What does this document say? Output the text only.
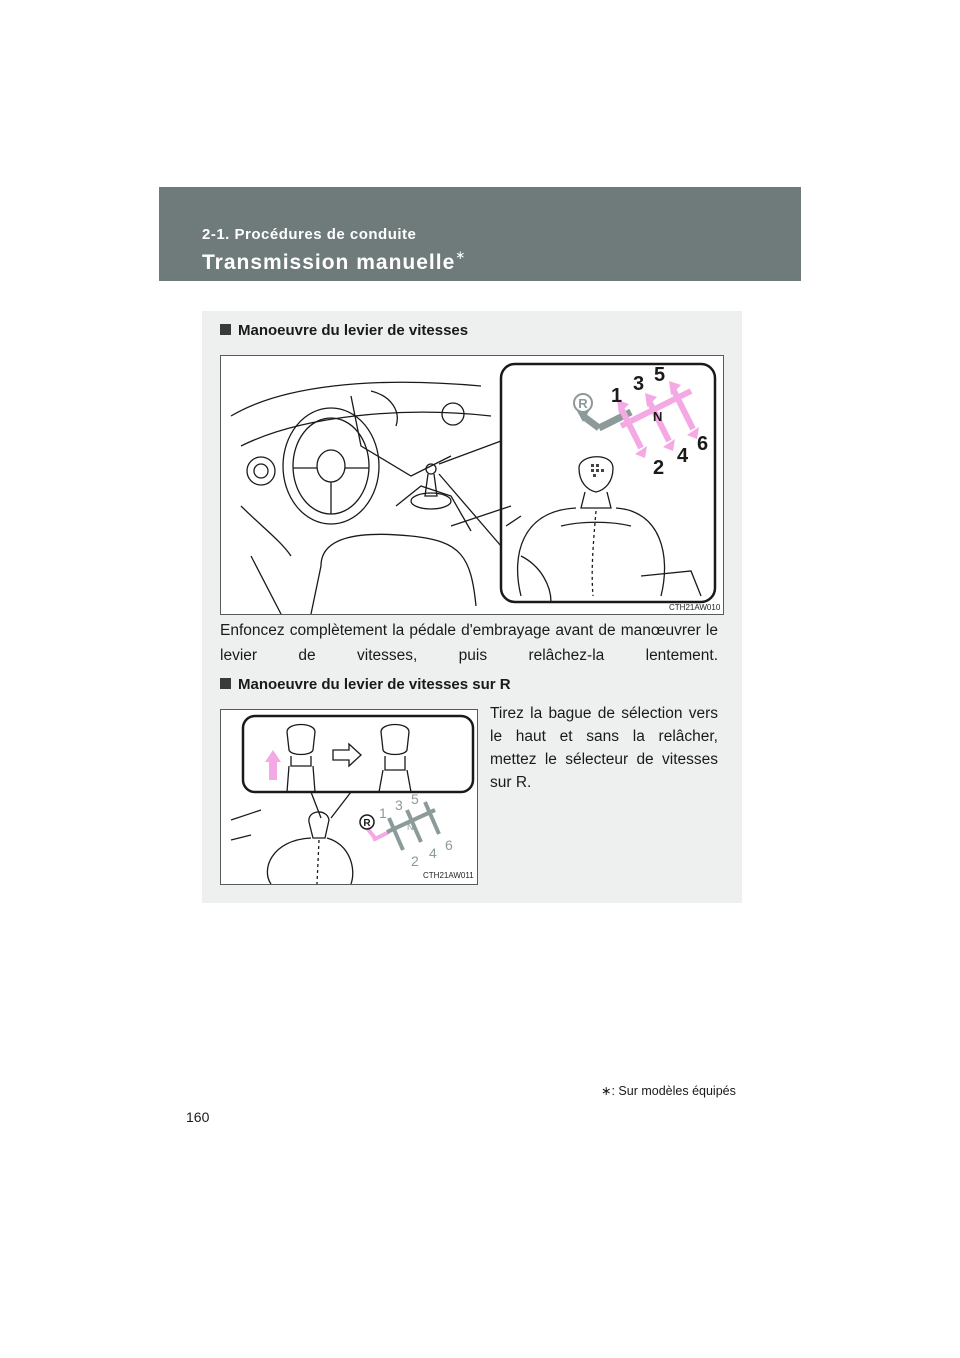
2-1. Procédures de conduite
Transmission manuelle∗
Manoeuvre du levier de vitesses
R 1
3 5
N
2
4
6
CTH21AW010
Enfoncez complètement la pédale d'embrayage avant de manœuvrer le levier de vitesses, puis relâchez-la lentement.
Manoeuvre du levier de vitesses sur R
R
1 3 5
N
2 4 6
CTH21AW011
Tirez la bague de sélection vers le haut et sans la relâcher, mettez le sélecteur de vitesses sur R.
∗: Sur modèles équipés
160
